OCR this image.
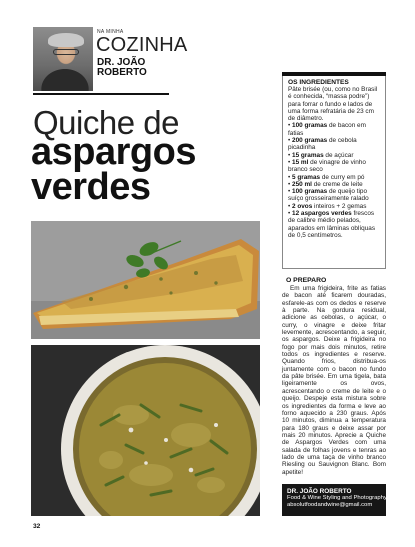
NA MINHA
COZINHA
DR. JOÃO
ROBERTO
Quiche de
aspargos
verdes
OS INGREDIENTES
Pâte brisée (ou, como no Brasil é conhecida, “massa podre”) para forrar o fundo e lados de uma forma refratária de 23 cm de diâmetro.
• 100 gramas de bacon em fatias
• 200 gramas de cebola picadinha
• 15 gramas de açúcar
• 15 ml de vinagre de vinho branco seco
• 5 gramas de curry em pó
• 250 ml de creme de leite
• 100 gramas de queijo tipo suíço grosseiramente ralado
• 2 ovos inteiros + 2 gemas
• 12 aspargos verdes frescos de calibre médio pelados, aparados em lâminas oblíquas de 0,5 centímetros.
O PREPARO
Em uma frigideira, frite as fatias de bacon até ficarem douradas, esfarele-as com os dedos e reserve à parte. Na gordura residual, adicione as cebolas, o açúcar, o curry, o vinagre e deixe fritar levemente, acrescentando, a seguir, os aspargos. Deixe a frigideira no fogo por mais dois minutos, retire todos os ingredientes e reserve. Quando frios, distribua-os juntamente com o bacon no fundo da pâte brisée. Em uma tigela, bata ligeiramente os ovos, acrescentando o creme de leite e o queijo. Despeje esta mistura sobre os ingredientes da forma e leve ao forno aquecido a 230 graus. Após 10 minutos, diminua a temperatura para 180 graus e deixe assar por mais 20 minutos. Aprecie a Quiche de Aspargos Verdes com uma salada de folhas jovens e tenras ao lado de uma taça de vinho branco Riesling ou Sauvignon Blanc. Bom apetite!
DR. JOÃO ROBERTO
Food & Wine Styling and Photography
absolutfoodandwine@gmail.com
32
